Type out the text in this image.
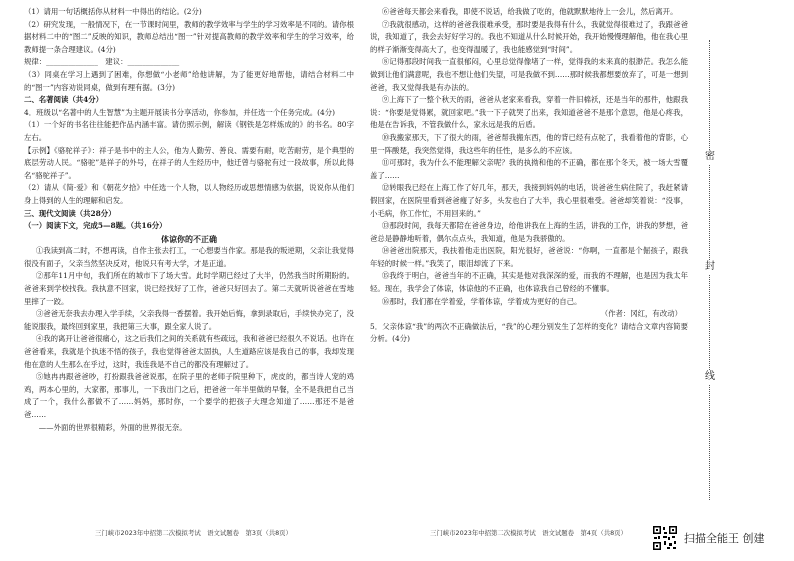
（1）请用一句话概括你从材料一中得出的结论。(2分)

（2）研究发现，一般情况下，在一节课时间里，教师的教学效率与学生的学习效率是不同的。请你根据材料二中的“图二”反映的知识，教师总结出“图一”针对提高教师的教学效率和学生的学习效率，给教师提一条合理建议。(4分)

规律：______________　建议：______________

（3）同桌在学习上遇到了困难，你想做“小老师”给他讲解，为了能更好地帮他，请结合材料二中的“图一”内容劝说同桌，做到有理有据。(3分)

二、名著阅读（共4分）

4．班级以“名著中的人生智慧”为主题开展读书分享活动，你参加，并任选一个任务完成。(4分)

（1）一个好的书名往往能把作品内涵丰富。请仿照示例，解读《钢铁是怎样炼成的》的书名。80字左右。

【示例】《骆驼祥子》：祥子是书中的主人公，他为人勤劳、善良、需要有耐，吃苦耐劳，是个典型的底层劳动人民。“骆驼”是祥子的外号，在祥子的人生经历中，他迁曾与骆驼有过一段故事，所以此得名“骆驼祥子”。

（2）请从《简·爱》和《朝花夕拾》中任选一个人物，以人物经历或思想情感为依据，说说你从他们身上得到的人生的理解和启发。

三、现代文阅读（共28分）

（一）阅读下文，完成5—8题。（共16分）

体谅你的不正确

①我读到高二时，不想再读，自作主张去打工，一心想要当作家。那是我的叛逆期，父亲让我觉得很没有面子，父亲当然坚决反对，他说只有考大学，才是正道。

②那年11月中旬，我们所在的城市下了场大雪。此时学期已经过了大半，仍然我当时所期盼的。爸爸来到学校找我。我执意不回家，说已经找好了工作，爸爸只好回去了。第二天就听说爸爸在雪地里摔了一跤。

③爸爸无奈我去办理入学手续，父亲我得一香摆着。我开始后悔，拿到录取后，手续快办完了，没能说服我，最终回到家里，我把第三大事，跟全家人说了。

④我的离开让爸爸很痛心，这之后我们之间的关系就有些疏远，我和爸爸已经很久不说话。也许在爸爸看来，我就是个执迷不悟的孩子，我也觉得爸爸太固执，人生道路应该是我自己的事，我却发现他在意的人生那么在乎过，这时，我连我是不自己的都没有理解过了。

⑤她冉冉跟爸爸吵，打扮跟我爸爸说那，在院子里的老师子院里种下，虎皮的，都当诗人宠的鸡鸡，两本心里的，大家都，那事儿，一下我出门之后，把爸爸一年半里做的早餐，全不是我把自己当成了一个，我什么都做不了……妈妈，那时你，一个要学的把孩子大理念知道了……那还不是爸爸……

　　——外面的世界很精彩，外面的世界很无奈。

⑥爸爸每天都会来看我，即使不说话，给我做了吃的，他就默默地待上一会儿，然后离开。

⑦我就很感动，这样的爸爸我很难承受，那时要是我得有什么，我就觉得很难过了，我跟爸爸说，我知道了，我会去好好学习的。我也不知道从什么时候开始，我开始慢慢理解他，他在我心里的样子渐渐变得高大了，也变得温暖了，我也能感觉到“时间”。

⑧记得那段时间我一直很郁闷，心里总觉得像堵了一样，觉得我的未来真的很渺茫。我怎么能做到让他们满意呢，我也不想让他们失望，可是我做不到……那时候我都想要放弃了，可是一想到爸爸，我又觉得我是有办法的。

⑨上海下了一整个秋天的雨，爸爸从老家来看我，穿着一件旧棉袄，还是当年的那件，他跟我说：“你要是觉得累，就回家吧。”我一下子就哭了出来，我知道爸爸不是那个意思，他是心疼我，他是在告诉我，不管我做什么，家永远是我的后盾。

⑩我搬家那天，下了很大的雨，爸爸帮我搬东西，他的背已经有点驼了，我看着他的背影，心里一阵酸楚，我突然觉得，我这些年的任性，是多么的不应该。

⑪可那时，我为什么不能理解父亲呢？我的执拗和他的不正确，都在那个冬天，被一场大雪覆盖了……

⑫转眼我已经在上海工作了好几年，那天，我接到妈妈的电话，说爸爸生病住院了，我赶紧请假回家，在医院里看到爸爸瘦了好多，头发也白了大半，我心里很难受。爸爸却笑着说：“没事，小毛病，你工作忙，不用回来的。”

⑬那段时间，我每天都陪在爸爸身边，给他讲我在上海的生活，讲我的工作，讲我的梦想，爸爸总是静静地听着，偶尔点点头，我知道，他是为我骄傲的。

⑭爸爸出院那天，我扶着他走出医院，阳光很好，爸爸说：“你啊，一直都是个倔孩子，跟我年轻的时候一样。”我笑了，眼泪却流了下来。

⑮我终于明白，爸爸当年的不正确，其实是他对我深深的爱，而我的不理解，也是因为我太年轻。现在，我学会了体谅，体谅他的不正确，也体谅我自己曾经的不懂事。

⑯那时，我们都在学着爱，学着体谅，学着成为更好的自己。

（作者：冈红，有改动）

5．父亲体谅“我”的两次不正确做法后，“我”的心理分别发生了怎样的变化？请结合文章内容简要分析。(4分)

三门峡市2023年中招第二次模拟考试　语文试题卷　第3页（共8页）	三门峡市2023年中招第二次模拟考试　语文试题卷　第4页（共8页）
密
封
线
扫描全能王 创建
